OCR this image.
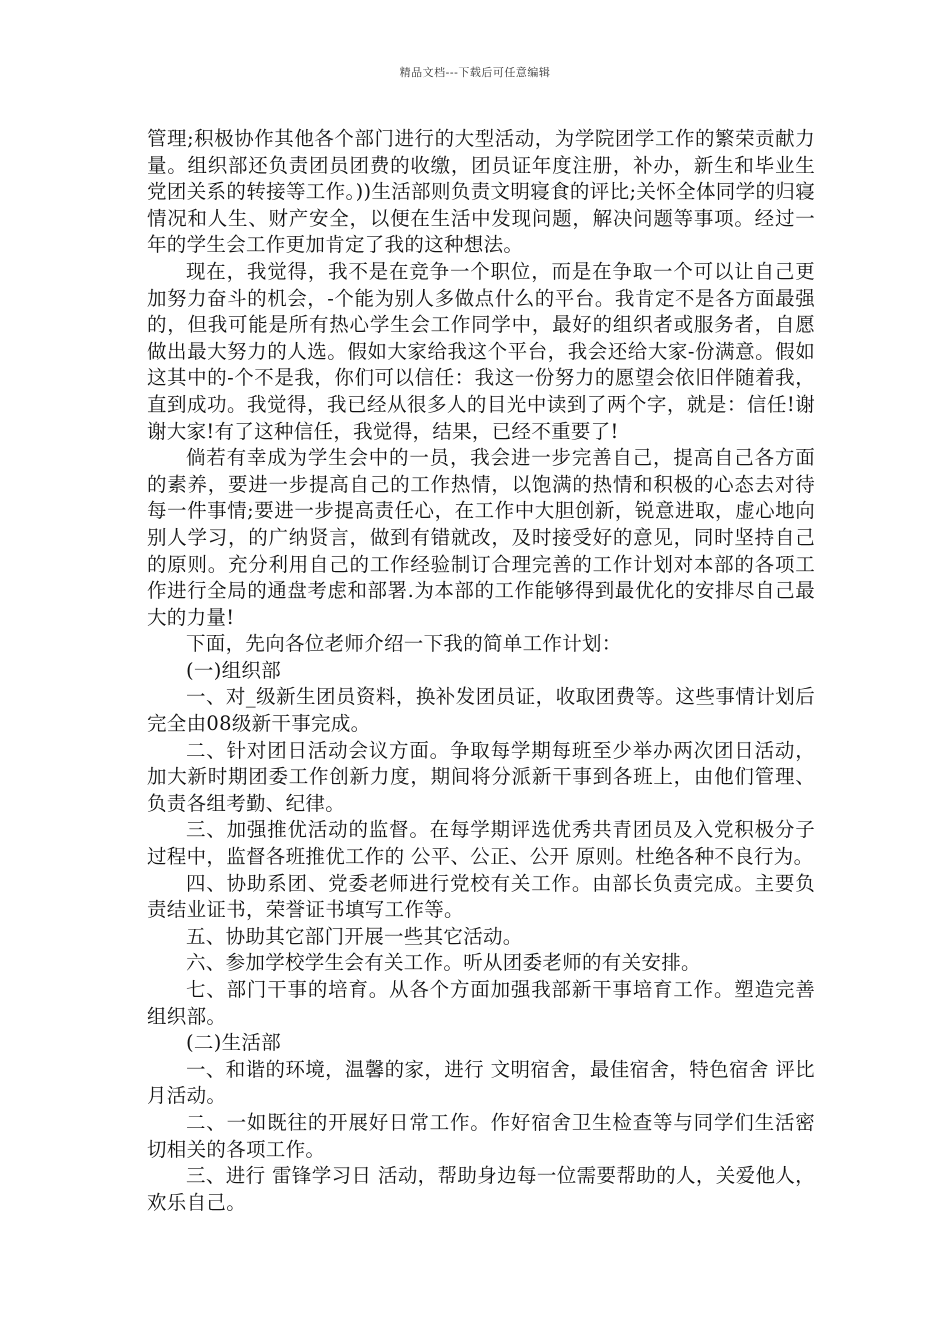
精品文档---下载后可任意编辑

管理;积极协作其他各个部门进行的大型活动，为学院团学工作的繁荣贡献力量。组织部还负责团员团费的收缴，团员证年度注册，补办，新生和毕业生党团关系的转接等工作。))生活部则负责文明寝食的评比;关怀全体同学的归寝情况和人生、财产安全，以便在生活中发现问题，解决问题等事项。经过一年的学生会工作更加肯定了我的这种想法。

现在，我觉得，我不是在竞争一个职位，而是在争取一个可以让自己更加努力奋斗的机会，-个能为别人多做点什么的平台。我肯定不是各方面最强的，但我可能是所有热心学生会工作同学中，最好的组织者或服务者，自愿做出最大努力的人选。假如大家给我这个平台，我会还给大家-份满意。假如这其中的-个不是我，你们可以信任：我这一份努力的愿望会依旧伴随着我，直到成功。我觉得，我已经从很多人的目光中读到了两个字，就是：信任!谢谢大家!有了这种信任，我觉得，结果，已经不重要了!

倘若有幸成为学生会中的一员，我会进一步完善自己，提高自己各方面的素养，要进一步提高自己的工作热情，以饱满的热情和积极的心态去对待每一件事情;要进一步提高责任心，在工作中大胆创新，锐意进取，虚心地向别人学习，的广纳贤言，做到有错就改，及时接受好的意见，同时坚持自己的原则。充分利用自己的工作经验制订合理完善的工作计划对本部的各项工作进行全局的通盘考虑和部署.为本部的工作能够得到最优化的安排尽自己最大的力量!

下面，先向各位老师介绍一下我的简单工作计划：

(一)组织部

一、对_级新生团员资料，换补发团员证，收取团费等。这些事情计划后完全由08级新干事完成。

二、针对团日活动会议方面。争取每学期每班至少举办两次团日活动，加大新时期团委工作创新力度，期间将分派新干事到各班上，由他们管理、负责各组考勤、纪律。

三、加强推优活动的监督。在每学期评选优秀共青团员及入党积极分子过程中，监督各班推优工作的 公平、公正、公开 原则。杜绝各种不良行为。

四、协助系团、党委老师进行党校有关工作。由部长负责完成。主要负责结业证书，荣誉证书填写工作等。

五、协助其它部门开展一些其它活动。

六、参加学校学生会有关工作。听从团委老师的有关安排。

七、部门干事的培育。从各个方面加强我部新干事培育工作。塑造完善组织部。

(二)生活部

一、和谐的环境，温馨的家，进行 文明宿舍，最佳宿舍，特色宿舍 评比月活动。

二、一如既往的开展好日常工作。作好宿舍卫生检查等与同学们生活密切相关的各项工作。

三、进行 雷锋学习日 活动，帮助身边每一位需要帮助的人，关爱他人，欢乐自己。
